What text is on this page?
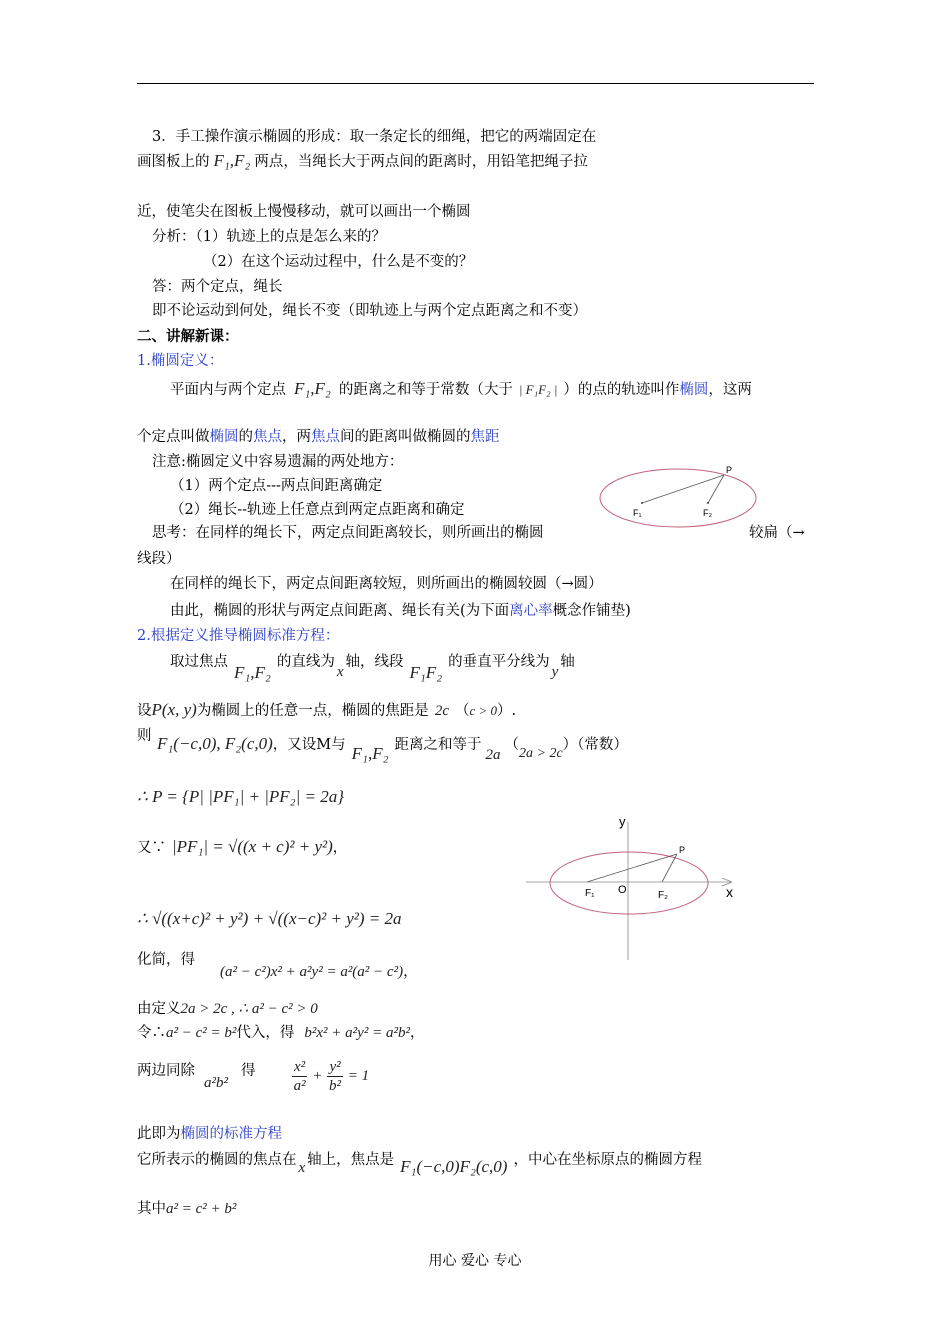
3．手工操作演示椭圆的形成：取一条定长的细绳，把它的两端固定在
画图板上的 F₁,F₂ 两点，当绳长大于两点间的距离时，用铅笔把绳子拉
近，使笔尖在图板上慢慢移动，就可以画出一个椭圆
分析：（1）轨迹上的点是怎么来的？
（2）在这个运动过程中，什么是不变的？
答：两个定点，绳长
即不论运动到何处，绳长不变（即轨迹上与两个定点距离之和不变）
二、讲解新课：
1.椭圆定义：
平面内与两个定点 F₁,F₂ 的距离之和等于常数（大于 | F₁F₂ | ）的点的轨迹叫作椭圆，这两
个定点叫做椭圆的焦点，两焦点间的距离叫做椭圆的焦距
注意:椭圆定义中容易遗漏的两处地方：
（1）两个定点---两点间距离确定
（2）绳长--轨迹上任意点到两定点距离和确定
思考：在同样的绳长下，两定点间距离较长，则所画出的椭圆	较扁（→
线段）
在同样的绳长下，两定点间距离较短，则所画出的椭圆较圆（→圆）
由此，椭圆的形状与两定点间距离、绳长有关(为下面离心率概念作铺垫)
P
F₁	F₂
2.根据定义推导椭圆标准方程：
取过焦点F₁,F₂的直线为x轴，线段F₁F₂的垂直平分线为y轴
设P(x, y)为椭圆上的任意一点，椭圆的焦距是 2c （c > 0）.
则 F₁(−c,0), F₂(c,0)，又设M与 F₁,F₂ 距离之和等于2a（2a > 2c）（常数）
∴ P = {P| |PF₁| + |PF₂| = 2a}
又∵ |PF₁| = √((x + c)² + y²)，
∴ √((x+c)² + y²) + √((x−c)² + y²) = 2a
y
x
O
P
F₁	F₂
化简，得
(a² − c²)x² + a²y² = a²(a² − c²)，
由定义2a > 2c , ∴ a² − c² > 0
令∴a² − c² = b²代入，得 b²x² + a²y² = a²b²，
两边同除
a²b²
得 $\frac{\text{x²}}{\text{a²}} + \frac{\text{y²}}{\text{b²}} = 1$
此即为椭圆的标准方程
它所表示的椭圆的焦点在 x 轴上，焦点是 F₁(−c,0)F₂(c,0) ，中心在坐标原点的椭圆方程
其中a² = c² + b²
用心 爱心 专心
